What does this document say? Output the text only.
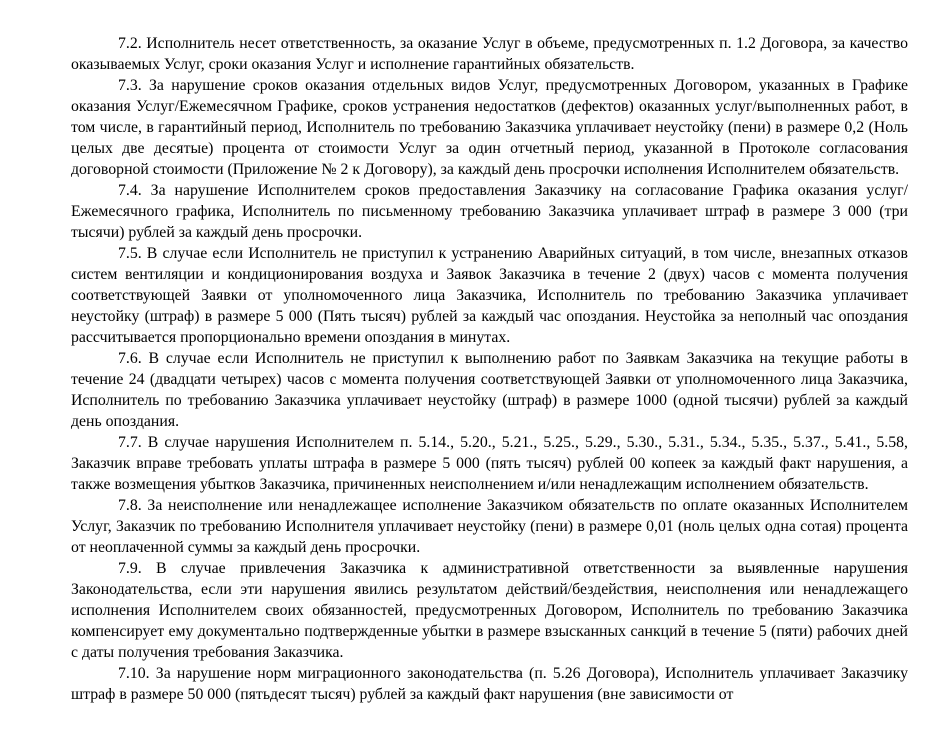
7.2. Исполнитель несет ответственность, за оказание Услуг в объеме, предусмотренных п. 1.2 Договора, за качество оказываемых Услуг, сроки оказания Услуг и исполнение гарантийных обязательств.

7.3. За нарушение сроков оказания отдельных видов Услуг, предусмотренных Договором, указанных в Графике оказания Услуг/Ежемесячном Графике, сроков устранения недостатков (дефектов) оказанных услуг/выполненных работ, в том числе, в гарантийный период, Исполнитель по требованию Заказчика уплачивает неустойку (пени) в размере 0,2 (Ноль целых две десятые) процента от стоимости Услуг за один отчетный период, указанной в Протоколе согласования договорной стоимости (Приложение № 2 к Договору), за каждый день просрочки исполнения Исполнителем обязательств.

7.4. За нарушение Исполнителем сроков предоставления Заказчику на согласование Графика оказания услуг/Ежемесячного графика, Исполнитель по письменному требованию Заказчика уплачивает штраф в размере 3 000 (три тысячи) рублей за каждый день просрочки.

7.5. В случае если Исполнитель не приступил к устранению Аварийных ситуаций, в том числе, внезапных отказов систем вентиляции и кондиционирования воздуха и Заявок Заказчика в течение 2 (двух) часов с момента получения соответствующей Заявки от уполномоченного лица Заказчика, Исполнитель по требованию Заказчика уплачивает неустойку (штраф) в размере 5 000 (Пять тысяч) рублей за каждый час опоздания. Неустойка за неполный час опоздания рассчитывается пропорционально времени опоздания в минутах.

7.6. В случае если Исполнитель не приступил к выполнению работ по Заявкам Заказчика на текущие работы в течение 24 (двадцати четырех) часов с момента получения соответствующей Заявки от уполномоченного лица Заказчика, Исполнитель по требованию Заказчика уплачивает неустойку (штраф) в размере 1000 (одной тысячи) рублей за каждый день опоздания.

7.7. В случае нарушения Исполнителем п. 5.14., 5.20., 5.21., 5.25., 5.29., 5.30., 5.31., 5.34., 5.35., 5.37., 5.41., 5.58, Заказчик вправе требовать уплаты штрафа в размере 5 000 (пять тысяч) рублей 00 копеек за каждый факт нарушения, а также возмещения убытков Заказчика, причиненных неисполнением и/или ненадлежащим исполнением обязательств.

7.8. За неисполнение или ненадлежащее исполнение Заказчиком обязательств по оплате оказанных Исполнителем Услуг, Заказчик по требованию Исполнителя уплачивает неустойку (пени) в размере 0,01 (ноль целых одна сотая) процента от неоплаченной суммы за каждый день просрочки.

7.9. В случае привлечения Заказчика к административной ответственности за выявленные нарушения Законодательства, если эти нарушения явились результатом действий/бездействия, неисполнения или ненадлежащего исполнения Исполнителем своих обязанностей, предусмотренных Договором, Исполнитель по требованию Заказчика компенсирует ему документально подтвержденные убытки в размере взысканных санкций в течение 5 (пяти) рабочих дней с даты получения требования Заказчика.

7.10. За нарушение норм миграционного законодательства (п. 5.26 Договора), Исполнитель уплачивает Заказчику штраф в размере 50 000 (пятьдесят тысяч) рублей за каждый факт нарушения (вне зависимости от
